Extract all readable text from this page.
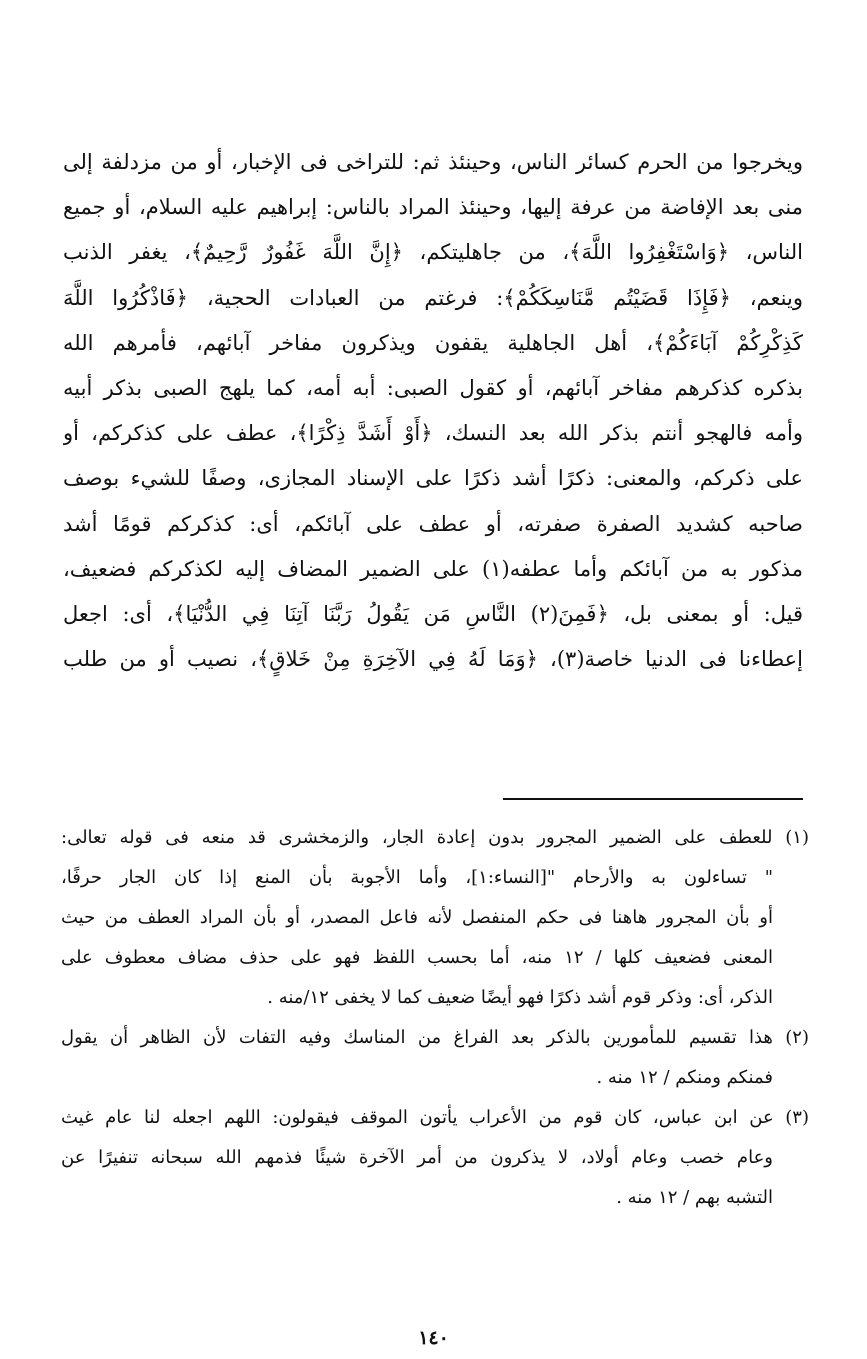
ويخرجوا من الحرم كسائر الناس، وحينئذ ثم: للتراخى فى الإخبار، أو من مزدلفة إلى
منى بعد الإفاضة من عرفة إليها، وحينئذ المراد بالناس: إبراهيم عليه السلام، أو جميع
الناس، ﴿وَاسْتَغْفِرُوا اللَّهَ﴾، من جاهليتكم، ﴿إِنَّ اللَّهَ غَفُورٌ رَّحِيمٌ﴾، يغفر الذنب
وينعم، ﴿فَإِذَا قَضَيْتُم مَّنَاسِكَكُمْ﴾: فرغتم من العبادات الحجية، ﴿فَاذْكُرُوا اللَّهَ
كَذِكْرِكُمْ آبَاءَكُمْ﴾، أهل الجاهلية يقفون ويذكرون مفاخر آبائهم، فأمرهم الله
بذكره كذكرهم مفاخر آبائهم، أو كقول الصبى: أبه أمه، كما يلهج الصبى بذكر أبيه
وأمه فالهجو أنتم بذكر الله بعد النسك، ﴿أَوْ أَشَدَّ ذِكْرًا﴾، عطف على كذكركم، أو
على ذكركم، والمعنى: ذكرًا أشد ذكرًا على الإسناد المجازى، وصفًا للشيء بوصف
صاحبه كشديد الصفرة صفرته، أو عطف على آبائكم، أى: كذكركم قومًا أشد
مذكور به من آبائكم وأما عطفه(١) على الضمير المضاف إليه لكذكركم فضعيف،
قيل: أو بمعنى بل، ﴿فَمِنَ(٢) النَّاسِ مَن يَقُولُ رَبَّنَا آتِنَا فِي الدُّنْيَا﴾، أى: اجعل
إعطاءنا فى الدنيا خاصة(٣)، ﴿وَمَا لَهُ فِي الآخِرَةِ مِنْ خَلاقٍ﴾، نصيب أو من طلب
(١) للعطف على الضمير المجرور بدون إعادة الجار، والزمخشرى قد منعه فى قوله تعالى:
" تساءلون به والأرحام "[النساء:١]، وأما الأجوبة بأن المنع إذا كان الجار حرفًا،
أو بأن المجرور هاهنا فى حكم المنفصل لأنه فاعل المصدر، أو بأن المراد العطف من حيث
المعنى فضعيف كلها / ١٢ منه، أما بحسب اللفظ فهو على حذف مضاف معطوف على
الذكر، أى: وذكر قوم أشد ذكرًا فهو أيضًا ضعيف كما لا يخفى ١٢/منه .
(٢) هذا تقسيم للمأمورين بالذكر بعد الفراغ من المناسك وفيه التفات لأن الظاهر أن يقول
فمنكم ومنكم / ١٢ منه .
(٣) عن ابن عباس، كان قوم من الأعراب يأتون الموقف فيقولون: اللهم اجعله لنا عام غيث
وعام خصب وعام أولاد، لا يذكرون من أمر الآخرة شيئًا فذمهم الله سبحانه تنفيرًا عن
التشبه بهم / ١٢ منه .
١٤٠
